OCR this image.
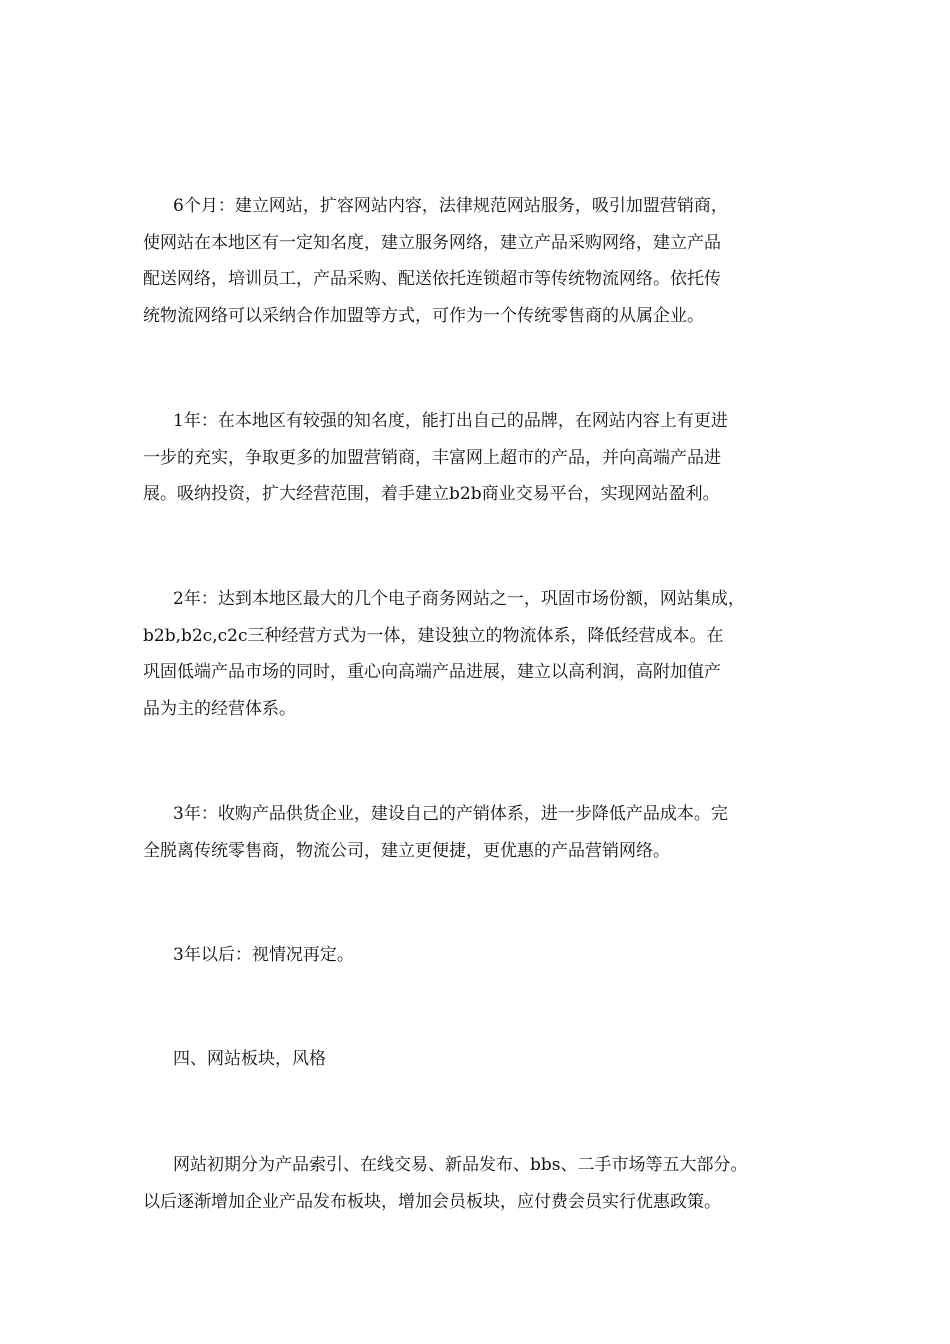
6个月：建立网站，扩容网站内容，法律规范网站服务，吸引加盟营销商，
使网站在本地区有一定知名度，建立服务网络，建立产品采购网络，建立产品
配送网络，培训员工，产品采购、配送依托连锁超市等传统物流网络。依托传
统物流网络可以采纳合作加盟等方式，可作为一个传统零售商的从属企业。

1年：在本地区有较强的知名度，能打出自己的品牌，在网站内容上有更进
一步的充实，争取更多的加盟营销商，丰富网上超市的产品，并向高端产品进
展。吸纳投资，扩大经营范围，着手建立b2b商业交易平台，实现网站盈利。

2年：达到本地区最大的几个电子商务网站之一，巩固市场份额，网站集成，
b2b,b2c,c2c三种经营方式为一体，建设独立的物流体系，降低经营成本。在
巩固低端产品市场的同时，重心向高端产品进展，建立以高利润，高附加值产
品为主的经营体系。

3年：收购产品供货企业，建设自己的产销体系，进一步降低产品成本。完
全脱离传统零售商，物流公司，建立更便捷，更优惠的产品营销网络。

3年以后：视情况再定。

四、网站板块，风格

网站初期分为产品索引、在线交易、新品发布、bbs、二手市场等五大部分。
以后逐渐增加企业产品发布板块，增加会员板块，应付费会员实行优惠政策。
